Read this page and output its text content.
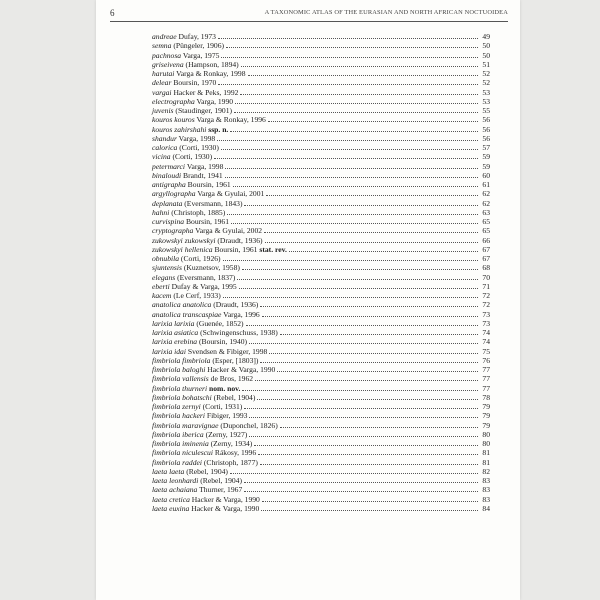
6	A TAXONOMIC ATLAS OF THE EURASIAN AND NORTH AFRICAN NOCTUOIDEA
andreae Dufay, 1973	49
semna (Püngeler, 1906)	50
pachnosa Varga, 1975	50
griseivena (Hampson, 1894)	51
harutai Varga & Ronkay, 1998	52
delear Boursin, 1970	52
vargai Hacker & Peks, 1992	53
electrographa Varga, 1990	53
juvenis (Staudinger, 1901)	55
kouros kouros Varga & Ronkay, 1996	56
kouros zahirshahi ssp. n.	56
shandur Varga, 1998	56
calorica (Corti, 1930)	57
vicina (Corti, 1930)	59
petermarci Varga, 1998	59
binaloudi Brandt, 1941	60
antigrapha Boursin, 1961	61
argyllographa Varga & Gyulai, 2001	62
deplanata (Eversmann, 1843)	62
hahni (Christoph, 1885)	63
curvispina Boursin, 1961	65
cryptographa Varga & Gyulai, 2002	65
zukowskyi zukowskyi (Draudt, 1936)	66
zukowskyi hellenica Boursin, 1961 stat. rev.	67
obnubila (Corti, 1926)	67
sjuntensis (Kuznetsov, 1958)	68
elegans (Eversmann, 1837)	70
eberti Dufay & Varga, 1995	71
kacem (Le Cerf, 1933)	72
anatolica anatolica (Draudt, 1936)	72
anatolica transcaspiae Varga, 1996	73
larixia larixia (Guenée, 1852)	73
larixia asiatica (Schwingenschuss, 1938)	74
larixia erebina (Boursin, 1940)	74
larixia idai Svendsen & Fibiger, 1998	75
fimbriola fimbriola (Esper, [1803])	76
fimbriola baloghi Hacker & Varga, 1990	77
fimbriola vallensis de Bros, 1962	77
fimbriola thurneri nom. nov.	77
fimbriola bohatschi (Rebel, 1904)	78
fimbriola zernyi (Corti, 1931)	79
fimbriola hackeri Fibiger, 1993	79
fimbriola maravignae (Duponchel, 1826)	79
fimbriola iberica (Zerny, 1927)	80
fimbriola iminenia (Zerny, 1934)	80
fimbriola niculescui Rákosy, 1996	81
fimbriola raddei (Christoph, 1877)	81
laeta laeta (Rebel, 1904)	82
laeta leonhardi (Rebel, 1904)	83
laeta achaiana Thurner, 1967	83
laeta cretica Hacker & Varga, 1990	83
laeta euxina Hacker & Varga, 1990	84
